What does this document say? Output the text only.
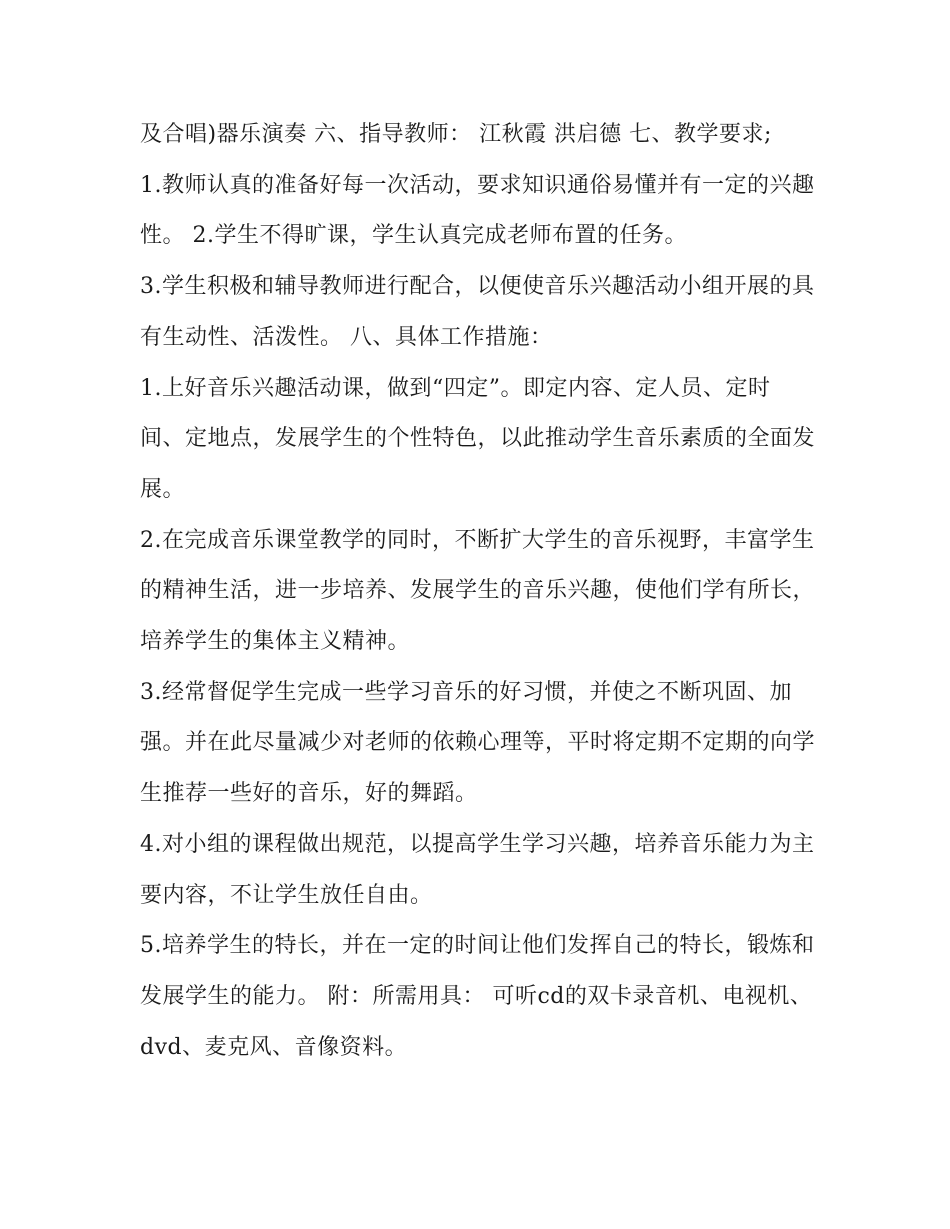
及合唱)器乐演奏 六、指导教师： 江秋霞 洪启德 七、教学要求;

1.教师认真的准备好每一次活动，要求知识通俗易懂并有一定的兴趣性。 2.学生不得旷课，学生认真完成老师布置的任务。

3.学生积极和辅导教师进行配合，以便使音乐兴趣活动小组开展的具有生动性、活泼性。 八、具体工作措施：

1.上好音乐兴趣活动课，做到“四定”。即定内容、定人员、定时间、定地点，发展学生的个性特色，以此推动学生音乐素质的全面发展。

2.在完成音乐课堂教学的同时，不断扩大学生的音乐视野，丰富学生的精神生活，进一步培养、发展学生的音乐兴趣，使他们学有所长，培养学生的集体主义精神。

3.经常督促学生完成一些学习音乐的好习惯，并使之不断巩固、加强。并在此尽量减少对老师的依赖心理等，平时将定期不定期的向学生推荐一些好的音乐，好的舞蹈。

4.对小组的课程做出规范，以提高学生学习兴趣，培养音乐能力为主要内容，不让学生放任自由。

5.培养学生的特长，并在一定的时间让他们发挥自己的特长，锻炼和发展学生的能力。 附：所需用具： 可听cd的双卡录音机、电视机、dvd、麦克风、音像资料。
